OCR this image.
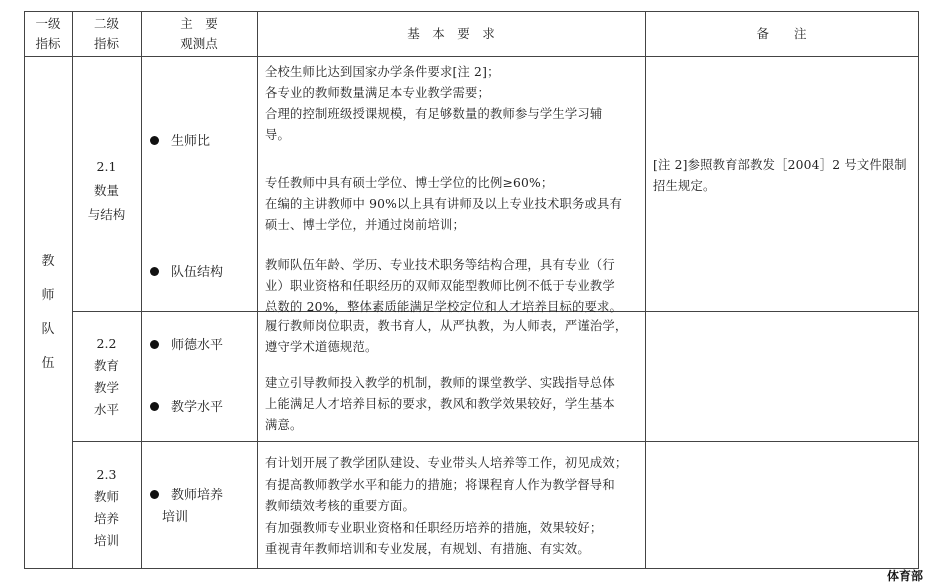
一级
指标
二级
指标
主　要
观测点
基　本　要　求	备　　注
教
师
队
伍
2.1
数量
与结构
生师比
队伍结构
全校生师比达到国家办学条件要求[注 2]；
各专业的教师数量满足本专业教学需要；
合理的控制班级授课规模，有足够数量的教师参与学生学习辅
导。
专任教师中具有硕士学位、博士学位的比例≥60%；
在编的主讲教师中 90%以上具有讲师及以上专业技术职务或具有
硕士、博士学位，并通过岗前培训；
教师队伍年龄、学历、专业技术职务等结构合理，具有专业（行
业）职业资格和任职经历的双师双能型教师比例不低于专业教学
总数的 20%，整体素质能满足学校定位和人才培养目标的要求。
[注 2]参照教育部教发［2004］2 号文件限制
招生规定。
2.2
教育
教学
水平
师德水平
教学水平
履行教师岗位职责，教书育人，从严执教，为人师表，严谨治学，
遵守学术道德规范。
建立引导教师投入教学的机制，教师的课堂教学、实践指导总体
上能满足人才培养目标的要求，教风和教学效果较好，学生基本
满意。
2.3
教师
培养
培训
教师培养
培训
有计划开展了教学团队建设、专业带头人培养等工作，初见成效；
有提高教师教学水平和能力的措施；将课程育人作为教学督导和
教师绩效考核的重要方面。
有加强教师专业职业资格和任职经历培养的措施，效果较好；
重视青年教师培训和专业发展，有规划、有措施、有实效。
体育部
